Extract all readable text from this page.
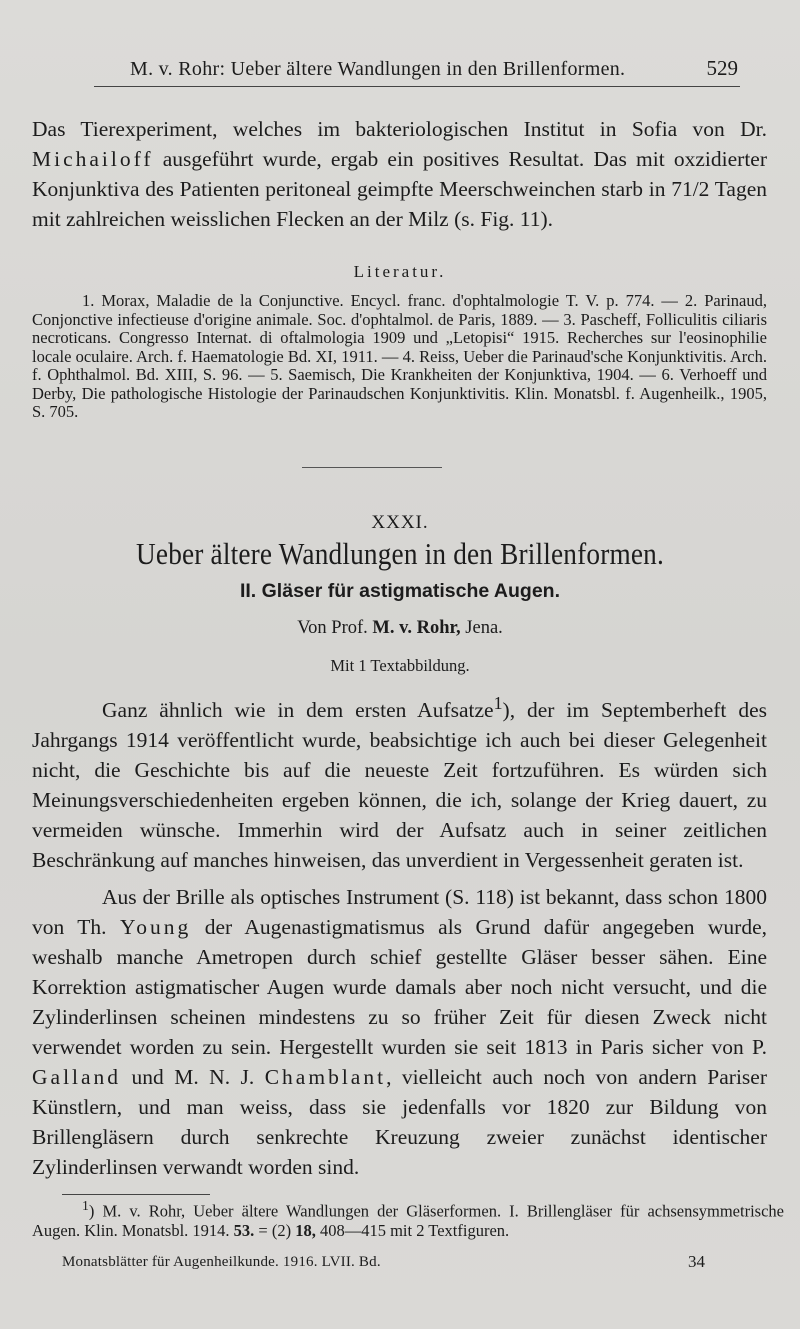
M. v. Rohr: Ueber ältere Wandlungen in den Brillenformen.	529

Das Tierexperiment, welches im bakteriologischen Institut in Sofia von Dr. Michailoff ausgeführt wurde, ergab ein positives Resultat. Das mit oxzidierter Konjunktiva des Patienten peritoneal geimpfte Meerschweinchen starb in 71/2 Tagen mit zahlreichen weisslichen Flecken an der Milz (s. Fig. 11).

Literatur.
1. Morax, Maladie de la Conjunctive. Encycl. franc. d'ophtalmologie T. V. p. 774. — 2. Parinaud, Conjonctive infectieuse d'origine animale. Soc. d'ophtalmol. de Paris, 1889. — 3. Pascheff, Folliculitis ciliaris necroticans. Congresso Internat. di oftalmologia 1909 und „Letopisi“ 1915. Recherches sur l'eosinophilie locale oculaire. Arch. f. Haematologie Bd. XI, 1911. — 4. Reiss, Ueber die Parinaud'sche Konjunktivitis. Arch. f. Ophthalmol. Bd. XIII, S. 96. — 5. Saemisch, Die Krankheiten der Konjunktiva, 1904. — 6. Verhoeff und Derby, Die pathologische Histologie der Parinaudschen Konjunktivitis. Klin. Monatsbl. f. Augenheilk., 1905, S. 705.
XXXI.
Ueber ältere Wandlungen in den Brillenformen.
II. Gläser für astigmatische Augen.
Von Prof. M. v. Rohr, Jena.
Mit 1 Textabbildung.

Ganz ähnlich wie in dem ersten Aufsatze$^1$), der im Septemberheft des Jahrgangs 1914 veröffentlicht wurde, beabsichtige ich auch bei dieser Gelegenheit nicht, die Geschichte bis auf die neueste Zeit fortzuführen. Es würden sich Meinungsverschiedenheiten ergeben können, die ich, solange der Krieg dauert, zu vermeiden wünsche. Immerhin wird der Aufsatz auch in seiner zeitlichen Beschränkung auf manches hinweisen, das unverdient in Vergessenheit geraten ist.

Aus der Brille als optisches Instrument (S. 118) ist bekannt, dass schon 1800 von Th. Young der Augenastigmatismus als Grund dafür angegeben wurde, weshalb manche Ametropen durch schief gestellte Gläser besser sähen. Eine Korrektion astigmatischer Augen wurde damals aber noch nicht versucht, und die Zylinderlinsen scheinen mindestens zu so früher Zeit für diesen Zweck nicht verwendet worden zu sein. Hergestellt wurden sie seit 1813 in Paris sicher von P. Galland und M. N. J. Chamblant, vielleicht auch noch von andern Pariser Künstlern, und man weiss, dass sie jedenfalls vor 1820 zur Bildung von Brillengläsern durch senkrechte Kreuzung zweier zunächst identischer Zylinderlinsen verwandt worden sind.

$^1$) M. v. Rohr, Ueber ältere Wandlungen der Gläserformen. I. Brillengläser für achsensymmetrische Augen. Klin. Monatsbl. 1914. 53. = (2) 18, 408—415 mit 2 Textfiguren.
Monatsblätter für Augenheilkunde. 1916. LVII. Bd.	34
